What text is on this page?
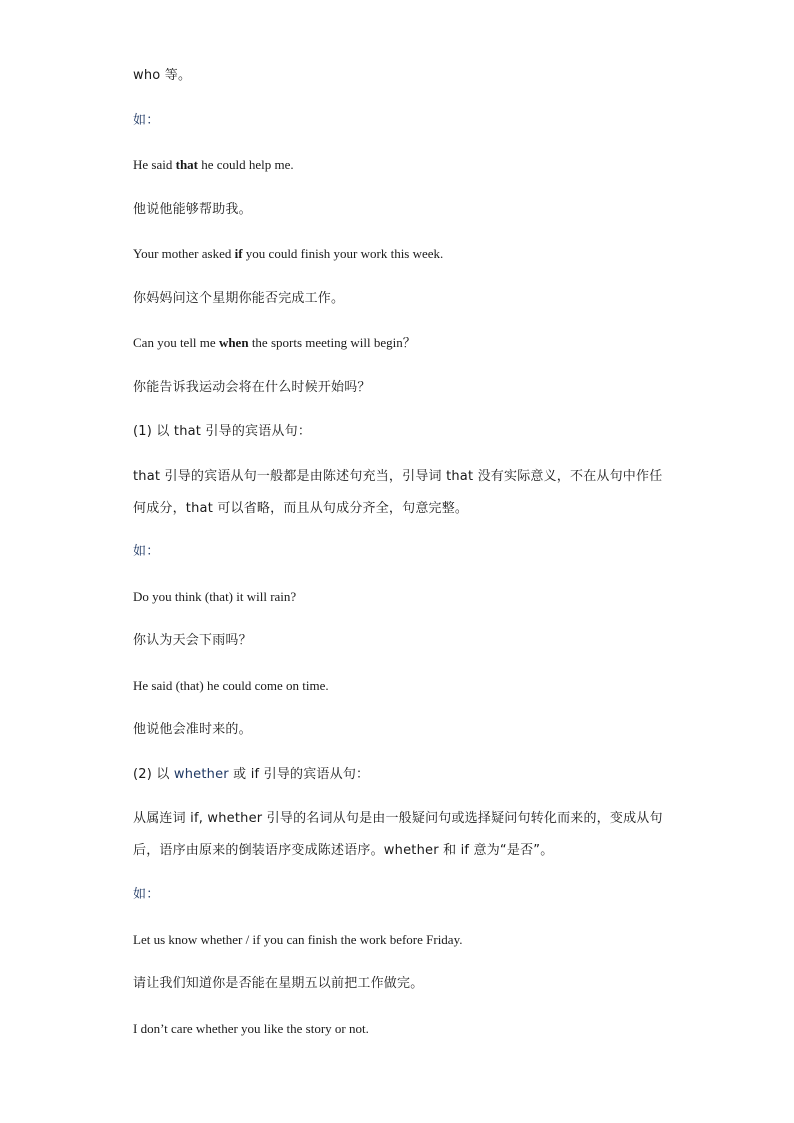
who 等。
如：
He said that he could help me.
他说他能够帮助我。
Your mother asked if you could finish your work this week.
你妈妈问这个星期你能否完成工作。
Can you tell me when the sports meeting will begin？
你能告诉我运动会将在什么时候开始吗？
(1) 以 that 引导的宾语从句：
that 引导的宾语从句一般都是由陈述句充当，引导词 that 没有实际意义，不在从句中作任何成分，that 可以省略，而且从句成分齐全，句意完整。
如：
Do you think (that) it will rain?
你认为天会下雨吗？
He said (that) he could come on time.
他说他会准时来的。
(2) 以 whether 或 if 引导的宾语从句：
从属连词 if, whether 引导的名词从句是由一般疑问句或选择疑问句转化而来的，变成从句后，语序由原来的倒装语序变成陈述语序。whether 和 if 意为“是否”。
如：
Let us know whether / if you can finish the work before Friday.
请让我们知道你是否能在星期五以前把工作做完。
I don’t care whether you like the story or not.
